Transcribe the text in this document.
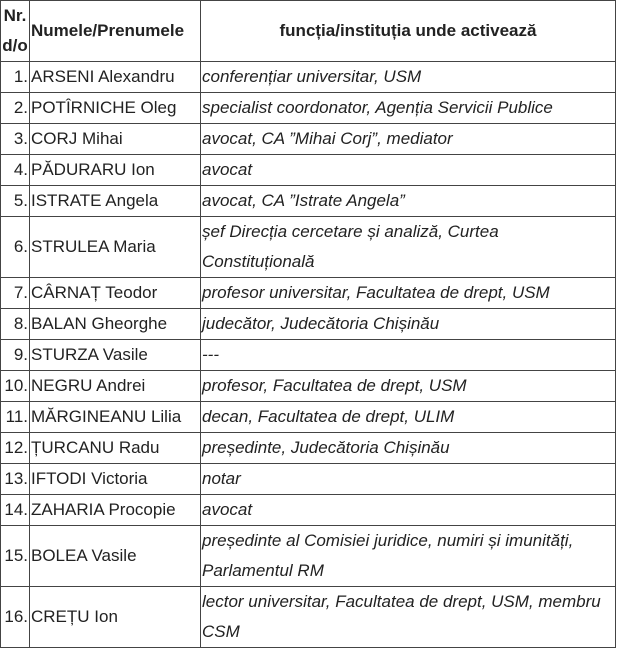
Nr.
d/o	Numele/Prenumele	funcția/instituția unde activează
1.	ARSENI Alexandru	conferențiar universitar, USM
2.	POTÎRNICHE Oleg	specialist coordonator, Agenția Servicii Publice
3.	CORJ Mihai	avocat, CA ”Mihai Corj”, mediator
4.	PĂDURARU Ion	avocat
5.	ISTRATE Angela	avocat, CA ”Istrate Angela”
6.	STRULEA Maria	șef Direcția cercetare și analiză, Curtea Constituțională
7.	CÂRNAȚ Teodor	profesor universitar, Facultatea de drept, USM
8.	BALAN Gheorghe	judecător, Judecătoria Chișinău
9.	STURZA Vasile	---
10.	NEGRU Andrei	profesor, Facultatea de drept, USM
11.	MĂRGINEANU Lilia	decan, Facultatea de drept, ULIM
12.	ȚURCANU Radu	președinte, Judecătoria Chișinău
13.	IFTODI Victoria	notar
14.	ZAHARIA Procopie	avocat
15.	BOLEA Vasile	președinte al Comisiei juridice, numiri și imunități, Parlamentul RM
16.	CREȚU Ion	lector universitar, Facultatea de drept, USM, membru CSM
